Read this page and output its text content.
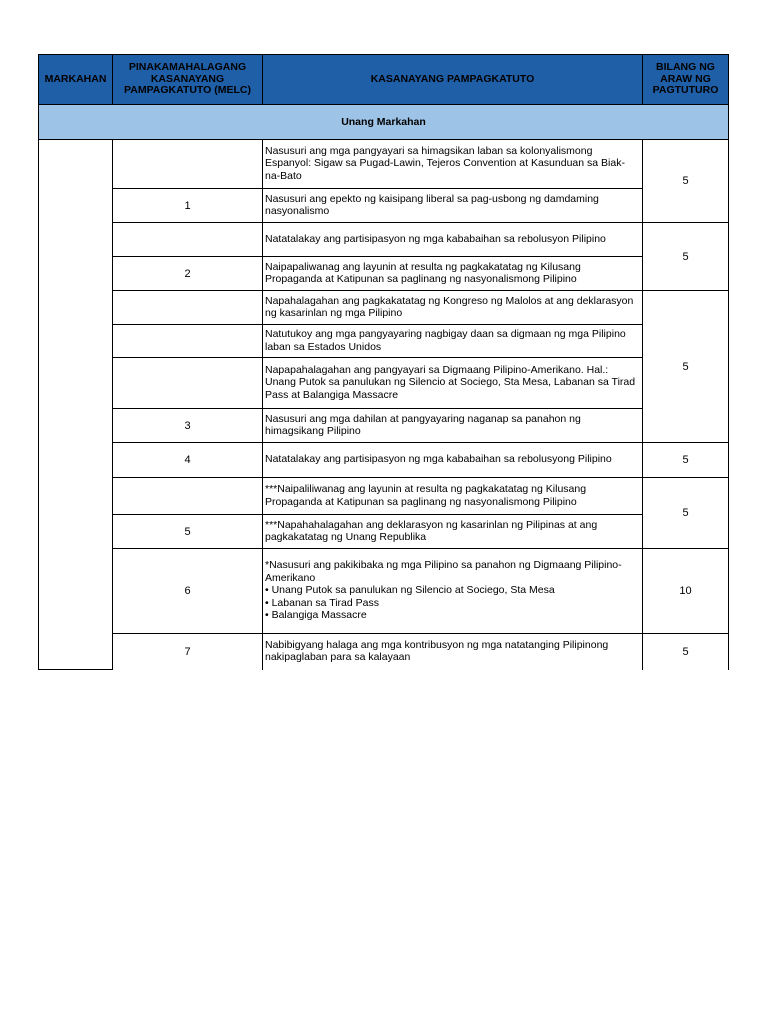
MARKAHAN	PINAKAMAHALAGANG KASANAYANG PAMPAGKATUTO (MELC)	KASANAYANG PAMPAGKATUTO	BILANG NG ARAW NG PAGTUTURO
Unang Markahan			
		Nasusuri ang mga pangyayari sa himagsikan laban sa kolonyalismong Espanyol: Sigaw sa Pugad-Lawin, Tejeros Convention at Kasunduan sa Biak-na-Bato	5
	1	Nasusuri ang epekto ng kaisipang liberal sa pag-usbong ng damdaming nasyonalismo	
		Natatalakay ang partisipasyon ng mga kababaihan sa rebolusyon Pilipino	5
	2	Naipapaliwanag ang layunin at resulta ng pagkakatatag ng Kilusang Propaganda at Katipunan sa paglinang ng nasyonalismong Pilipino	
		Napahalagahan ang pagkakatatag ng Kongreso ng Malolos at ang deklarasyon ng kasarinlan ng mga Pilipino	5
		Natutukoy ang mga pangyayaring nagbigay daan sa digmaan ng mga Pilipino laban sa Estados Unidos	
		Napapahalagahan ang pangyayari sa Digmaang Pilipino-Amerikano. Hal.: Unang Putok sa panulukan ng Silencio at Sociego, Sta Mesa, Labanan sa Tirad Pass at Balangiga Massacre	
	3	Nasusuri ang mga dahilan at pangyayaring naganap sa panahon ng himagsikang Pilipino	
	4	Natatalakay ang partisipasyon ng mga kababaihan sa rebolusyong Pilipino	5
		***Naipaliliwanag ang layunin at resulta ng pagkakatatag ng Kilusang Propaganda at Katipunan sa paglinang ng nasyonalismong Pilipino	5
	5	***Napahahalagahan ang deklarasyon ng kasarinlan ng Pilipinas at ang pagkakatatag ng Unang Republika	
	6	*Nasusuri ang pakikibaka ng mga Pilipino sa panahon ng Digmaang Pilipino-Amerikano

• Unang Putok sa panulukan ng Silencio at Sociego, Sta Mesa

• Labanan sa Tirad Pass

• Balangiga Massacre	10
	7	Nabibigyang halaga ang mga kontribusyon ng mga natatanging Pilipinong nakipaglaban para sa kalayaan	5
